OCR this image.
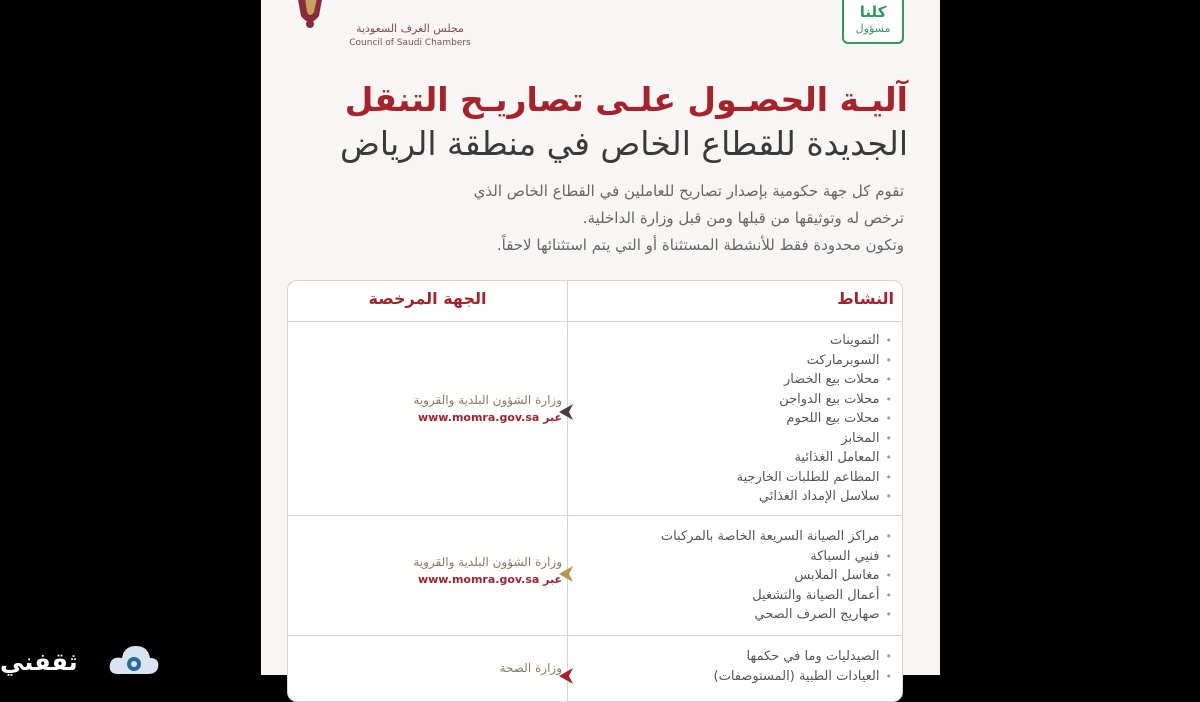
مجلس الغرف السعودية
Council of Saudi Chambers
كلنا
مسؤول
آليـة الحصـول علـى تصاريـح التنقل
الجديدة للقطاع الخاص في منطقة الرياض
تقوم كل جهة حكومية بإصدار تصاريح للعاملين في القطاع الخاص الذي
ترخص له وتوثيقها من قبلها ومن قبل وزارة الداخلية.
وتكون محدودة فقط للأنشطة المستثناة أو التي يتم استثنائها لاحقاً.
النشاط
الجهة المرخصة
• التموينات
• السوبرماركت
• محلات بيع الخضار
• محلات بيع الدواجن
• محلات بيع اللحوم
• المخابز
• المعامل الغذائية
• المطاعم للطلبات الخارجية
• سلاسل الإمداد الغذائي
وزارة الشؤون البلدية والقروية
عبر www.momra.gov.sa
• مراكز الصيانة السريعة الخاصة بالمركبات
• فنيي السباكة
• مغاسل الملابس
• أعمال الصيانة والتشغيل
• صهاريج الصرف الصحي
وزارة الشؤون البلدية والقروية
عبر www.momra.gov.sa
• الصيدليات وما في حكمها
• العيادات الطبية (المستوصفات)
وزارة الصحة
ثقفني
